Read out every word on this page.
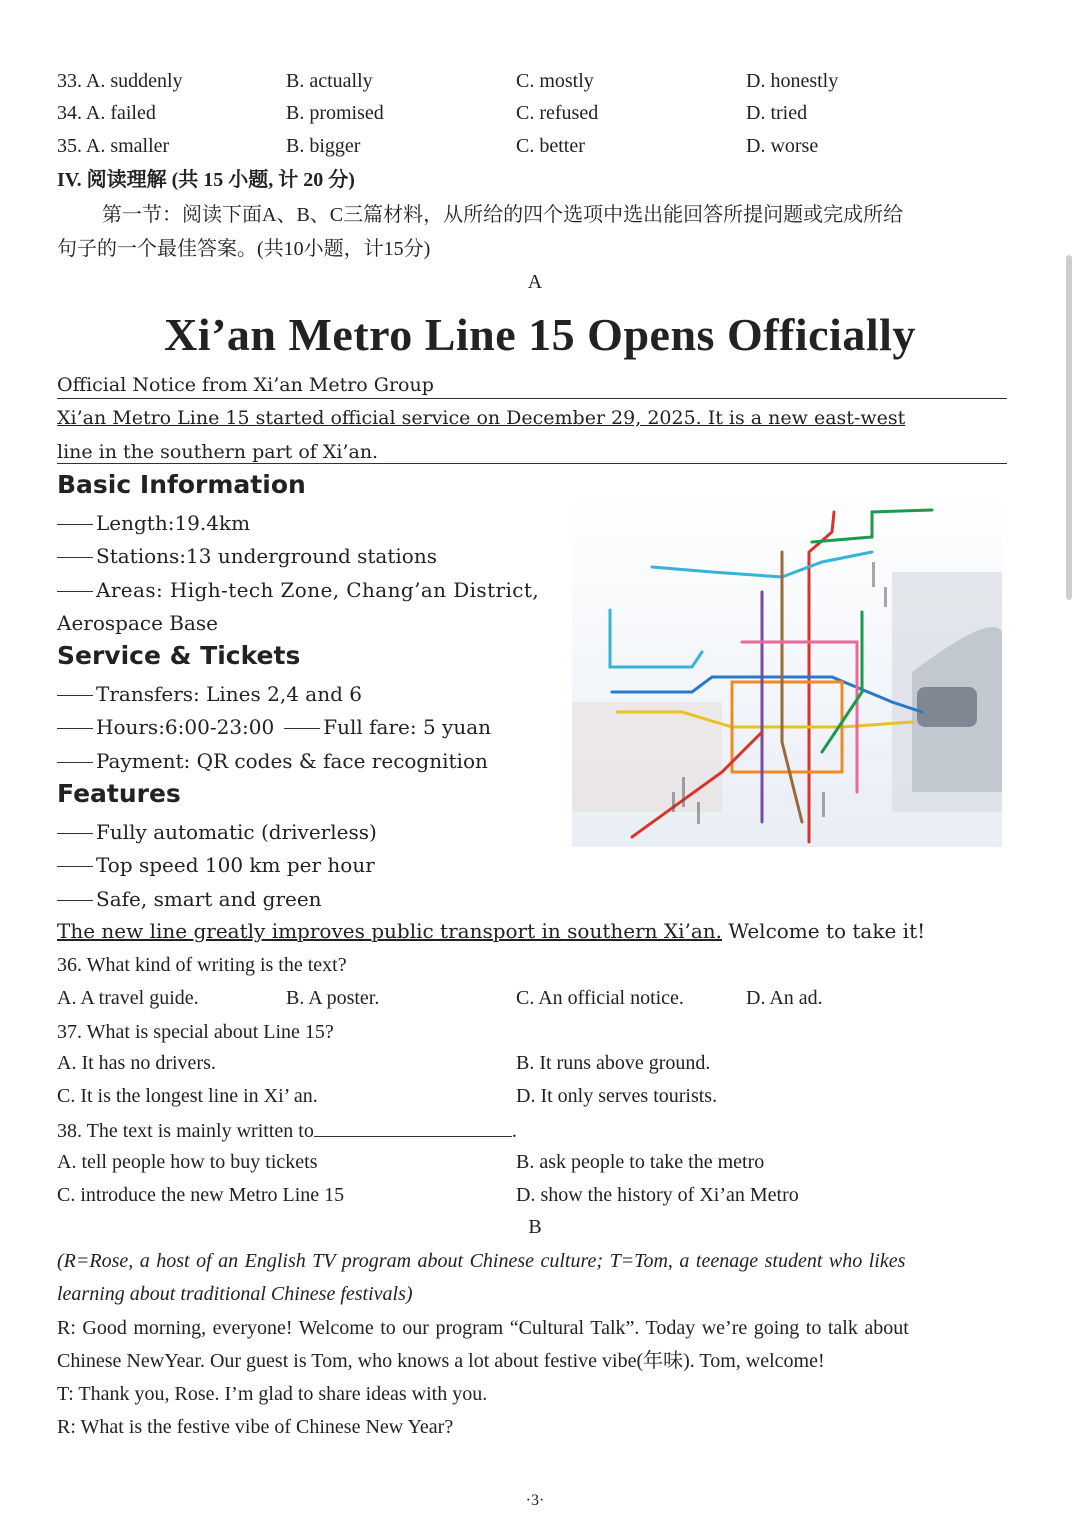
33. A. suddenly	B. actually	C. mostly	D. honestly
34. A. failed	B. promised	C. refused	D. tried
35. A. smaller	B. bigger	C. better	D. worse
IV. 阅读理解 (共 15 小题, 计 20 分)
第一节：阅读下面A、B、C三篇材料，从所给的四个选项中选出能回答所提问题或完成所给
句子的一个最佳答案。(共10小题，计15分)
A
Xi’an Metro Line 15 Opens Officially
Official Notice from Xi’an Metro Group
Xi’an Metro Line 15 started official service on December 29, 2025. It is a new east-west
line in the southern part of Xi’an.
Basic Information
Length:19.4km
Stations:13 underground stations
Areas: High-tech Zone, Chang’an District,
Aerospace Base
Service & Tickets
Transfers: Lines 2,4 and 6
Hours:6:00-23:00 Full fare: 5 yuan
Payment: QR codes & face recognition
Features
Fully automatic (driverless)
Top speed 100 km per hour
Safe, smart and green
The new line greatly improves public transport in southern Xi’an. Welcome to take it!
36. What kind of writing is the text?
A. A travel guide.	B. A poster.	C. An official notice.	D. An ad.
37. What is special about Line 15?
A. It has no drivers.	B. It runs above ground.
C. It is the longest line in Xi’ an.	D. It only serves tourists.
38. The text is mainly written to	.
A. tell people how to buy tickets	B. ask people to take the metro
C. introduce the new Metro Line 15	D. show the history of Xi’an Metro
B
(R=Rose, a host of an English TV program about Chinese culture; T=Tom, a teenage student who likes
learning about traditional Chinese festivals)
R: Good morning, everyone! Welcome to our program “Cultural Talk”. Today we’re going to talk about
Chinese NewYear. Our guest is Tom, who knows a lot about festive vibe(年味). Tom, welcome!
T: Thank you, Rose. I’m glad to share ideas with you.
R: What is the festive vibe of Chinese New Year?
·3·
